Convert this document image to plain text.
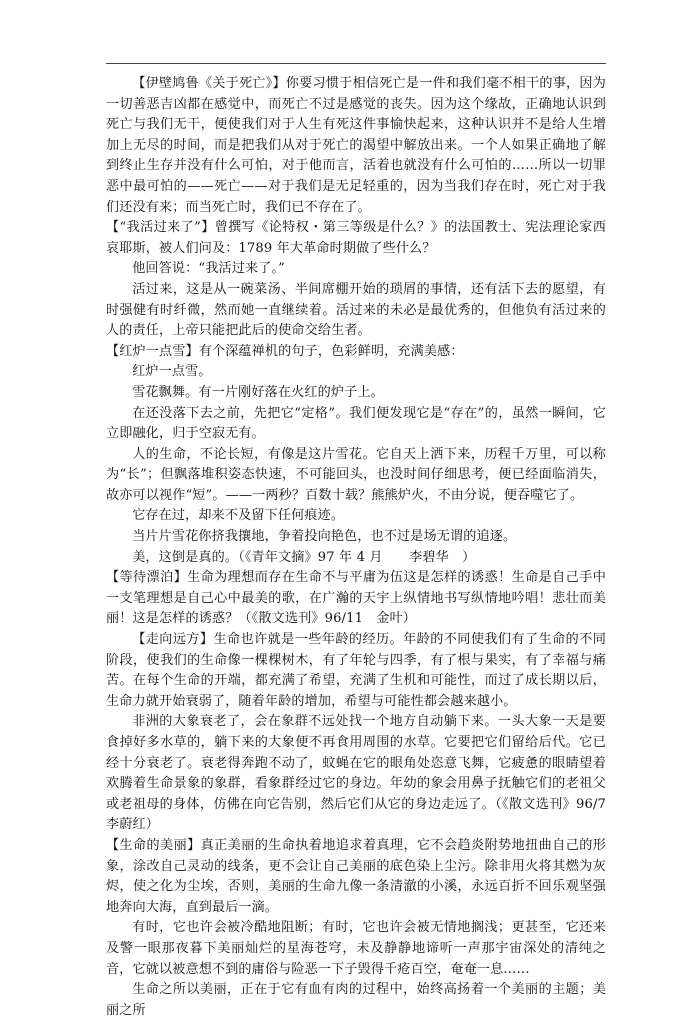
【伊壁鸠鲁《关于死亡》】你要习惯于相信死亡是一件和我们毫不相干的事，因为一切善恶吉凶都在感觉中，而死亡不过是感觉的丧失。因为这个缘故，正确地认识到死亡与我们无干，便使我们对于人生有死这件事愉快起来，这种认识并不是给人生增加上无尽的时间，而是把我们从对于死亡的渴望中解放出来。一个人如果正确地了解到终止生存并没有什么可怕，对于他而言，活着也就没有什么可怕的……所以一切罪恶中最可怕的——死亡——对于我们是无足轻重的，因为当我们存在时，死亡对于我们还没有来；而当死亡时，我们已不存在了。

【“我活过来了”】曾撰写《论特权・第三等级是什么？》的法国教士、宪法理论家西哀耶斯，被人们问及：1789 年大革命时期做了些什么？

他回答说：“我活过来了。”

活过来，这是从一碗菜汤、半间席棚开始的琐屑的事情，还有活下去的愿望，有时强健有时纤微，然而她一直继续着。活过来的未必是最优秀的，但他负有活过来的人的责任，上帝只能把此后的使命交给生者。

【红炉一点雪】有个深蕴禅机的句子，色彩鲜明，充满美感：

红炉一点雪。

雪花飘舞。有一片刚好落在火红的炉子上。

在还没落下去之前，先把它“定格”。我们便发现它是“存在”的，虽然一瞬间，它立即融化，归于空寂无有。

人的生命，不论长短，有像是这片雪花。它自天上洒下来，历程千万里，可以称为“长”；但飘落堆积姿态快速，不可能回头，也没时间仔细思考，便已经面临消失，故亦可以视作“短”。——一两秒？百数十载？熊熊炉火，不由分说，便吞噬它了。

它存在过，却来不及留下任何痕迹。

当片片雪花你挤我攘地，争着投向艳色，也不过是场无谓的追逐。

美，这倒是真的。（《青年文摘》97 年 4 月　　李碧华　）

【等待漂泊】生命为理想而存在生命不与平庸为伍这是怎样的诱惑！生命是自己手中一支笔理想是自己心中最美的歌，在广瀚的天宇上纵情地书写纵情地吟唱！悲壮而美丽！这是怎样的诱惑？（《散文选刊》96/11　金叶）

【走向远方】生命也许就是一些年龄的经历。年龄的不同使我们有了生命的不同阶段，使我们的生命像一棵棵树木，有了年轮与四季，有了根与果实，有了幸福与痛苦。在每个生命的开端，都充满了希望，充满了生机和可能性，而过了成长期以后，生命力就开始衰弱了，随着年龄的增加，希望与可能性都会越来越小。

非洲的大象衰老了，会在象群不远处找一个地方自动躺下来。一头大象一天是要食掉好多水草的，躺下来的大象便不再食用周围的水草。它要把它们留给后代。它已经十分衰老了。衰老得奔跑不动了，蚊蝇在它的眼角处恣意飞舞，它疲惫的眼睛望着欢腾着生命景象的象群，看象群经过它的身边。年幼的象会用鼻子抚触它们的老祖父或老祖母的身体，仿佛在向它告别，然后它们从它的身边走远了。（《散文选刊》96/7　李蔚红）

【生命的美丽】真正美丽的生命执着地追求着真理，它不会趋炎附势地扭曲自己的形象，涂改自己灵动的线条，更不会让自己美丽的底色染上尘污。除非用火将其燃为灰烬，使之化为尘埃，否则，美丽的生命九像一条清澈的小溪，永远百折不回乐观坚强地奔向大海，直到最后一滴。

有时，它也许会被冷酷地阻断；有时，它也许会被无情地搁浅；更甚至，它还来及警一眼那夜暮下美丽灿烂的星海苍穹，未及静静地谛听一声那宇宙深处的清纯之音，它就以被意想不到的庸俗与险恶一下子毁得千疮百空，奄奄一息……

生命之所以美丽，正在于它有血有肉的过程中，始终高扬着一个美丽的主题；美丽之所
